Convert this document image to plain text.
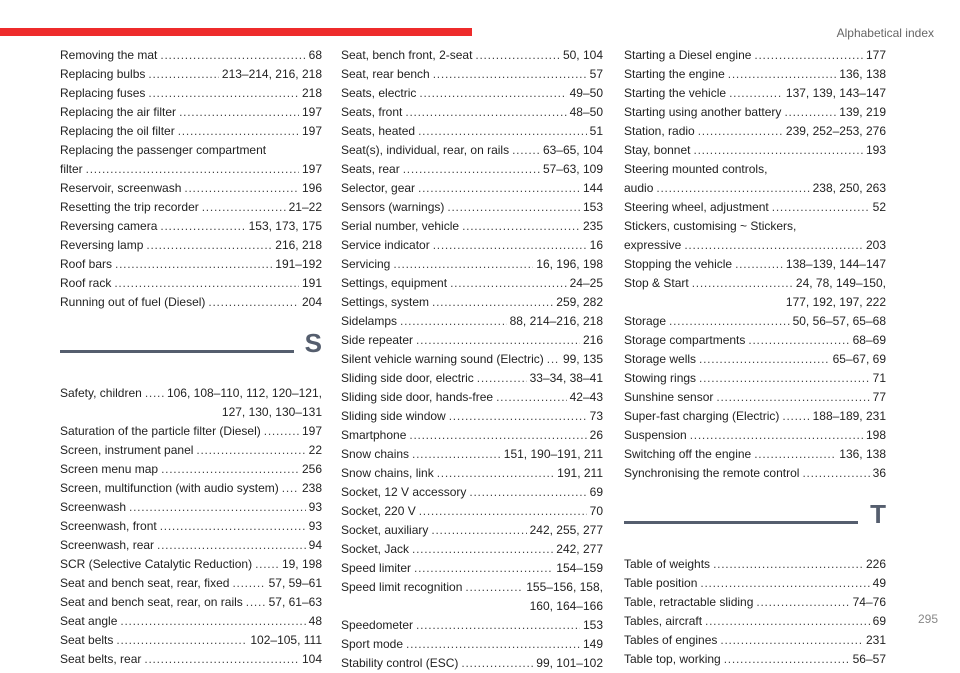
Alphabetical index
Removing the mat . . .	68
Replacing bulbs . . .	213–214, 216, 218
Replacing fuses . . .	218
Replacing the air filter . . .	197
Replacing the oil filter . . .	197
Replacing the passenger compartment
filter . . .	197
Reservoir, screenwash . . .	196
Resetting the trip recorder . . .	21–22
Reversing camera . . .	153, 173, 175
Reversing lamp . . .	216, 218
Roof bars . . .	191–192
Roof rack . . .	191
Running out of fuel (Diesel) . . .	204
S
Safety, children . . . 106, 108–110, 112, 120–121,
127, 130, 130–131
Saturation of the particle filter (Diesel) . . .	197
Screen, instrument panel . . .	22
Screen menu map . . .	256
Screen, multifunction (with audio system) . . . 238
Screenwash . . .	93
Screenwash, front . . .	93
Screenwash, rear . . .	94
SCR (Selective Catalytic Reduction) . . . 19, 198
Seat and bench seat, rear, fixed . . .	57, 59–61
Seat and bench seat, rear, on rails . . . 57, 61–63
Seat angle . . .	48
Seat belts . . .	102–105, 111
Seat belts, rear . . .	104
Seat, bench front, 2-seat . . .	50, 104
Seat, rear bench . . .	57
Seats, electric . . .	49–50
Seats, front . . .	48–50
Seats, heated . . .	51
Seat(s), individual, rear, on rails . . .	63–65, 104
Seats, rear . . .	57–63, 109
Selector, gear . . .	144
Sensors (warnings) . . .	153
Serial number, vehicle . . .	235
Service indicator . . .	16
Servicing . . .	16, 196, 198
Settings, equipment . . .	24–25
Settings, system . . .	259, 282
Sidelamps . . .	88, 214–216, 218
Side repeater . . .	216
Silent vehicle warning sound (Electric) . . . 99, 135
Sliding side door, electric . . .	33–34, 38–41
Sliding side door, hands-free . . .	42–43
Sliding side window . . .	73
Smartphone . . .	26
Snow chains . . .	151, 190–191, 211
Snow chains, link . . .	191, 211
Socket, 12 V accessory . . .	69
Socket, 220 V . . .	70
Socket, auxiliary . . .	242, 255, 277
Socket, Jack . . .	242, 277
Speed limiter . . .	154–159
Speed limit recognition . . .	155–156, 158,
160, 164–166
Speedometer . . .	153
Sport mode . . .	149
Stability control (ESC) . . .	99, 101–102
Starting a Diesel engine . . .	177
Starting the engine . . .	136, 138
Starting the vehicle . . .	137, 139, 143–147
Starting using another battery . . .	139, 219
Station, radio . . .	239, 252–253, 276
Stay, bonnet . . .	193
Steering mounted controls,
audio . . .	238, 250, 263
Steering wheel, adjustment . . .	52
Stickers, customising ~ Stickers,
expressive . . .	203
Stopping the vehicle . . .	138–139, 144–147
Stop & Start . . .	24, 78, 149–150,
177, 192, 197, 222
Storage . . .	50, 56–57, 65–68
Storage compartments . . .	68–69
Storage wells . . .	65–67, 69
Stowing rings . . .	71
Sunshine sensor . . .	77
Super-fast charging (Electric) . . .	188–189, 231
Suspension . . .	198
Switching off the engine . . .	136, 138
Synchronising the remote control . . .	36
T
Table of weights . . .	226
Table position . . .	49
Table, retractable sliding . . .	74–76
Tables, aircraft . . .	69
Tables of engines . . .	231
Table top, working . . .	56–57
295
